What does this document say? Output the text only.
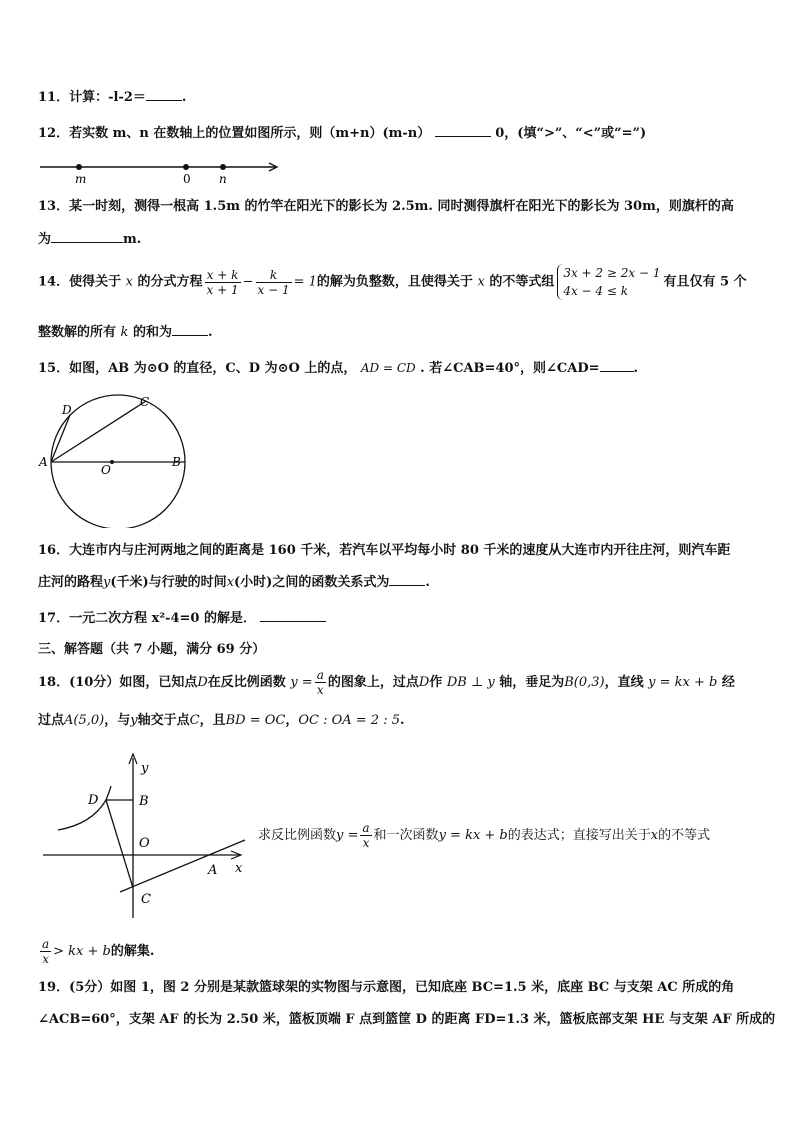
11．计算：-l-2＝	.
12．若实数 m、n 在数轴上的位置如图所示，则（m+n）(m-n）	0，(填“>”、“<”或“=”)
m	0 n
13．某一时刻，测得一根高 1.5m 的竹竿在阳光下的影长为 2.5m. 同时测得旗杆在阳光下的影长为 30m，则旗杆的高
为	m.
14．使得关于 x 的分式方程 $\frac{x + k}{x + 1} - \frac{k}{x - 1} = 1$的解为负整数，且使得关于 x 的不等式组
3x + 2 ≥ 2x − 1
4x − 4 ≤ k
有且仅有 5 个
整数解的所有 k 的和为	.
15．如图，AB 为⊙O 的直径，C、D 为⊙O 上的点， AD = CD . 若∠CAB=40°，则∠CAD=	.
A	B
C
D
O
16．大连市内与庄河两地之间的距离是 160 千米，若汽车以平均每小时 80 千米的速度从大连市内开往庄河，则汽车距
庄河的路程y(千米)与行驶的时间x(小时)之间的函数关系式为	.
17．一元二次方程 x²-4=0 的解是．
三、解答题（共 7 小题，满分 69 分）
18．(10分）如图，已知点D在反比例函数 $y = \frac{a}{x}$ 的图象上，过点D作 DB ⊥ y 轴，垂足为B(0,3)，直线 y = kx + b 经
过点A(5,0)，与y轴交于点C，且BD = OC，OC : OA = 2 : 5.
y
x
O
B
D
C
A
求反比例函数$y = \frac{a}{x}$ 和一次函数y = kx + b的表达式；直接写出关于x的不等式
$\frac{a}{x}$ > kx + b的解集.
19．(5分）如图 1，图 2 分别是某款篮球架的实物图与示意图，已知底座 BC=1.5 米，底座 BC 与支架 AC 所成的角
∠ACB=60°，支架 AF 的长为 2.50 米，篮板顶端 F 点到篮筐 D 的距离 FD=1.3 米，篮板底部支架 HE 与支架 AF 所成的
